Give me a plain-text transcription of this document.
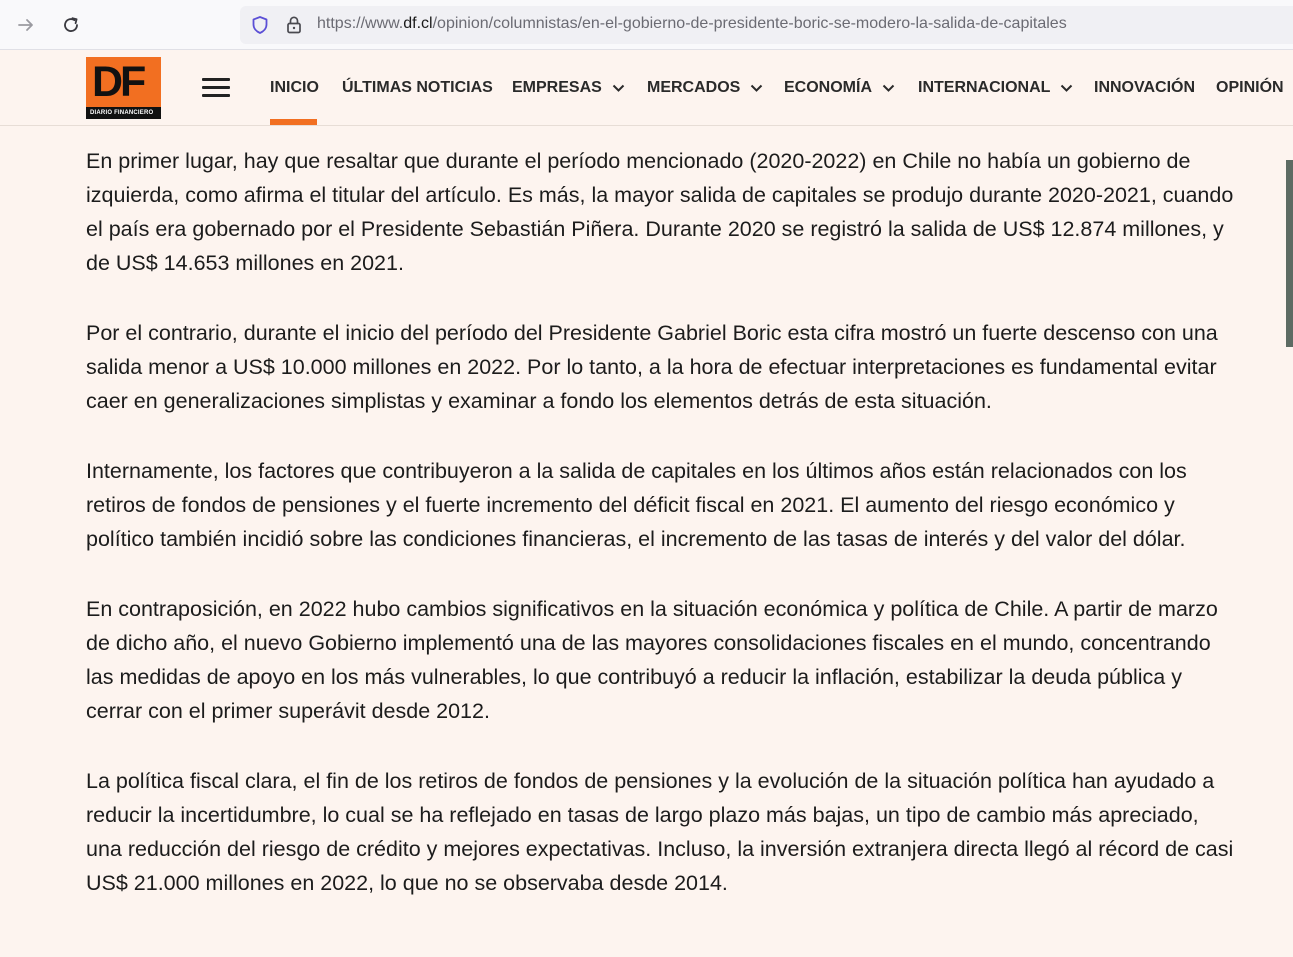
https://www.df.cl/opinion/columnistas/en-el-gobierno-de-presidente-boric-se-modero-la-salida-de-capitales
DF
DIARIO FINANCIERO
INICIO ÚLTIMAS NOTICIAS EMPRESAS	MERCADOS	ECONOMÍA	INTERNACIONAL	INNOVACIÓN OPINIÓN

En primer lugar, hay que resaltar que durante el período mencionado (2020-2022) en Chile no había un gobierno de izquierda, como afirma el titular del artículo. Es más, la mayor salida de capitales se produjo durante 2020-2021, cuando el país era gobernado por el Presidente Sebastián Piñera. Durante 2020 se registró la salida de US$ 12.874 millones, y de US$ 14.653 millones en 2021.

Por el contrario, durante el inicio del período del Presidente Gabriel Boric esta cifra mostró un fuerte descenso con una salida menor a US$ 10.000 millones en 2022. Por lo tanto, a la hora de efectuar interpretaciones es fundamental evitar caer en generalizaciones simplistas y examinar a fondo los elementos detrás de esta situación.

Internamente, los factores que contribuyeron a la salida de capitales en los últimos años están relacionados con los retiros de fondos de pensiones y el fuerte incremento del déficit fiscal en 2021. El aumento del riesgo económico y político también incidió sobre las condiciones financieras, el incremento de las tasas de interés y del valor del dólar.

En contraposición, en 2022 hubo cambios significativos en la situación económica y política de Chile. A partir de marzo de dicho año, el nuevo Gobierno implementó una de las mayores consolidaciones fiscales en el mundo, concentrando las medidas de apoyo en los más vulnerables, lo que contribuyó a reducir la inflación, estabilizar la deuda pública y cerrar con el primer superávit desde 2012.

La política fiscal clara, el fin de los retiros de fondos de pensiones y la evolución de la situación política han ayudado a reducir la incertidumbre, lo cual se ha reflejado en tasas de largo plazo más bajas, un tipo de cambio más apreciado, una reducción del riesgo de crédito y mejores expectativas. Incluso, la inversión extranjera directa llegó al récord de casi US$ 21.000 millones en 2022, lo que no se observaba desde 2014.
